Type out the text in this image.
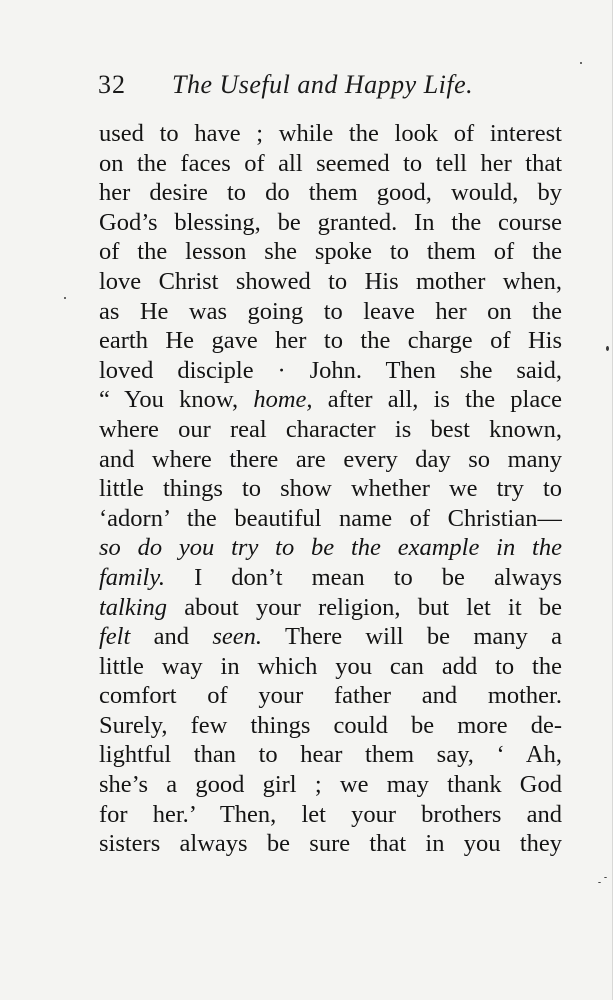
32 The Useful and Happy Life.
used to have ; while the look of interest
on the faces of all seemed to tell her that
her desire to do them good, would, by
God’s blessing, be granted. In the course
of the lesson she spoke to them of the
love Christ showed to His mother when,
as He was going to leave her on the
earth He gave her to the charge of His
loved disciple · John. Then she said,
“ You know, home, after all, is the place
where our real character is best known,
and where there are every day so many
little things to show whether we try to
‘adorn’ the beautiful name of Christian—
so do you try to be the example in the
family. I don’t mean to be always
talking about your religion, but let it be
felt and seen. There will be many a
little way in which you can add to the
comfort of your father and mother.
Surely, few things could be more de-
lightful than to hear them say, ‘ Ah,
she’s a good girl ; we may thank God
for her.’ Then, let your brothers and
sisters always be sure that in you they
